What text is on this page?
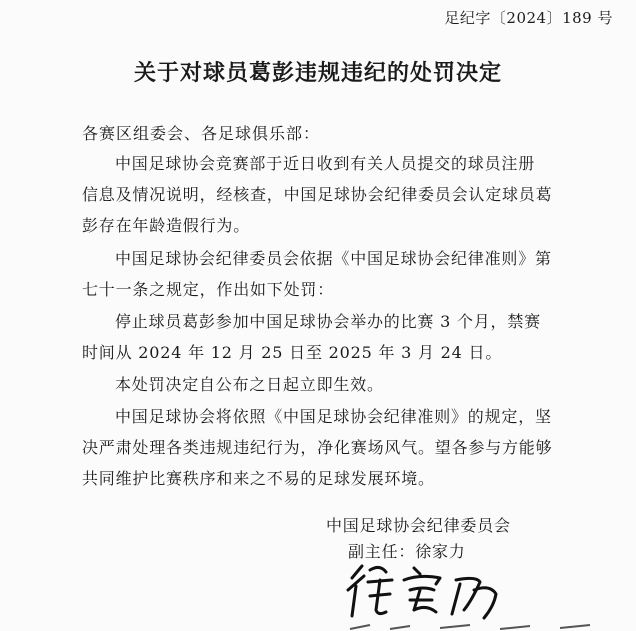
足纪字〔2024〕189 号
关于对球员葛彭违规违纪的处罚决定
各赛区组委会、各足球俱乐部：
中国足球协会竞赛部于近日收到有关人员提交的球员注册
信息及情况说明，经核查，中国足球协会纪律委员会认定球员葛
彭存在年龄造假行为。
中国足球协会纪律委员会依据《中国足球协会纪律准则》第
七十一条之规定，作出如下处罚：
停止球员葛彭参加中国足球协会举办的比赛 3 个月，禁赛
时间从 2024 年 12 月 25 日至 2025 年 3 月 24 日。
本处罚决定自公布之日起立即生效。
中国足球协会将依照《中国足球协会纪律准则》的规定，坚
决严肃处理各类违规违纪行为，净化赛场风气。望各参与方能够
共同维护比赛秩序和来之不易的足球发展环境。
中国足球协会纪律委员会
副主任：徐家力
